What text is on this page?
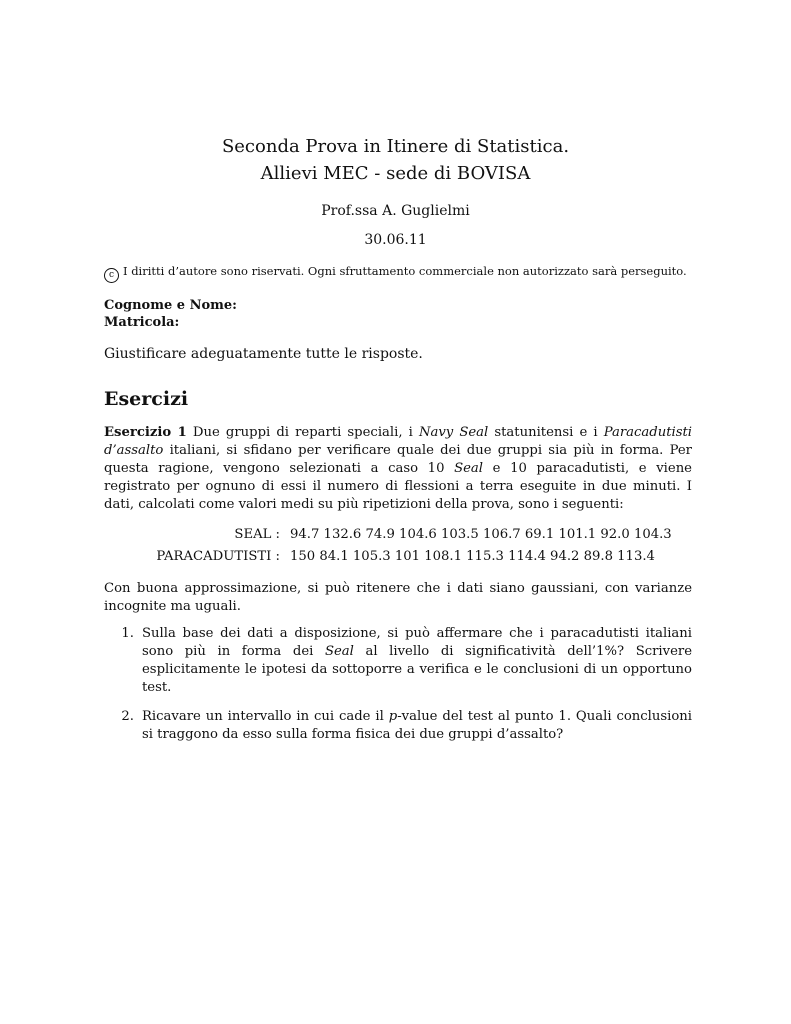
Seconda Prova in Itinere di Statistica.
Allievi MEC - sede di BOVISA
Prof.ssa A. Guglielmi
30.06.11
c I diritti d’autore sono riservati. Ogni sfruttamento commerciale non autorizzato sarà perseguito.
Cognome e Nome:
Matricola:
Giustificare adeguatamente tutte le risposte.
Esercizi
Esercizio 1 Due gruppi di reparti speciali, i Navy Seal statunitensi e i Paracadutisti d’assalto italiani, si sfidano per verificare quale dei due gruppi sia più in forma. Per questa ragione, vengono selezionati a caso 10 Seal e 10 paracadutisti, e viene registrato per ognuno di essi il numero di flessioni a terra eseguite in due minuti. I dati, calcolati come valori medi su più ripetizioni della prova, sono i seguenti:
SEAL : 94.7 132.6 74.9 104.6 103.5 106.7 69.1 101.1 92.0 104.3
PARACADUTISTI : 150 84.1 105.3 101 108.1 115.3 114.4 94.2 89.8 113.4
Con buona approssimazione, si può ritenere che i dati siano gaussiani, con varianze incognite ma uguali.
1. Sulla base dei dati a disposizione, si può affermare che i paracadutisti italiani sono più in forma dei Seal al livello di significatività dell’1%? Scrivere esplicitamente le ipotesi da sottoporre a verifica e le conclusioni di un opportuno test.
2. Ricavare un intervallo in cui cade il p-value del test al punto 1. Quali conclusioni si traggono da esso sulla forma fisica dei due gruppi d’assalto?
